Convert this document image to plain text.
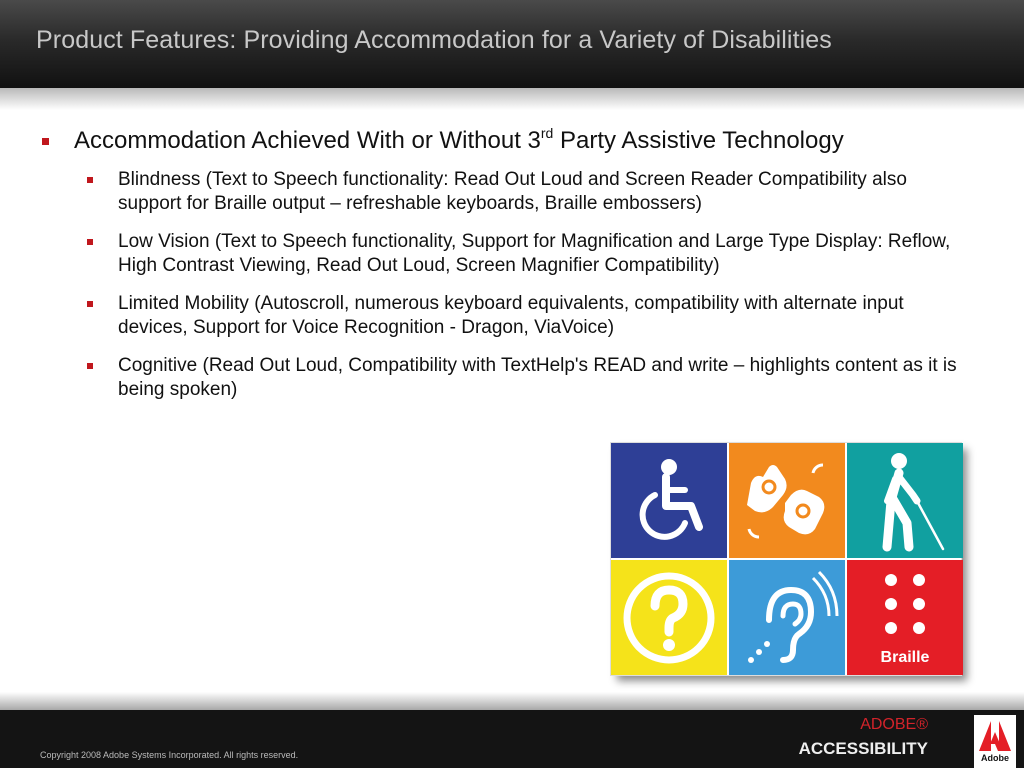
Product Features: Providing Accommodation for a Variety of Disabilities
Accommodation Achieved With or Without 3rd Party Assistive Technology
Blindness (Text to Speech functionality: Read Out Loud and Screen Reader Compatibility also support for Braille output – refreshable keyboards, Braille embossers)
Low Vision (Text to Speech functionality, Support for Magnification and Large Type Display: Reflow, High Contrast Viewing, Read Out Loud, Screen Magnifier Compatibility)
Limited Mobility (Autoscroll, numerous keyboard equivalents, compatibility with alternate input devices, Support for Voice Recognition - Dragon, ViaVoice)
Cognitive (Read Out Loud, Compatibility with TextHelp's READ and write – highlights content as it is being spoken)
Braille
Copyright 2008 Adobe Systems Incorporated. All rights reserved.
ADOBE®
ACCESSIBILITY	Adobe
